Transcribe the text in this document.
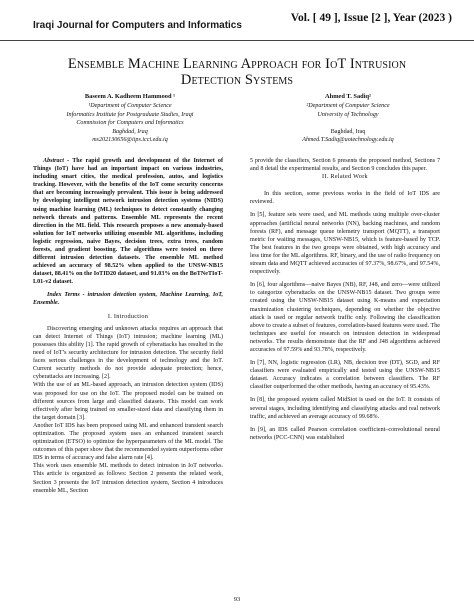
Iraqi Journal for Computers and Informatics
Vol. [ 49 ], Issue [2 ], Year (2023 )
Ensemble Machine Learning Approach for IoT Intrusion
Detection Systems
Baseem A. Kadheem Hammood ¹
¹Department of Computer Science
Informatics Institute for Postgraduate Studies, Iraqi
Commission for Computers and Informatics
Baghdad, Iraq
ms202130656@iips.icci.edu.iq
Ahmed T. Sadiq²
²Department of Computer Science
University of Technology
Baghdad, Iraq
Ahmed.T.Sadiq@uotechnology.edu.iq

Abstract - The rapid growth and development of the Internet of Things (IoT) have had an important impact on various industries, including smart cities, the medical profession, autos, and logistics tracking. However, with the benefits of the IoT come security concerns that are becoming increasingly prevalent. This issue is being addressed by developing intelligent network intrusion detection systems (NIDS) using machine learning (ML) techniques to detect constantly changing network threats and patterns. Ensemble ML represents the recent direction in the ML field. This research proposes a new anomaly-based solution for IoT networks utilizing ensemble ML algorithms, including logistic regression, naive Bayes, decision trees, extra trees, random forests, and gradient boosting. The algorithms were tested on three different intrusion detection datasets. The ensemble ML method achieved an accuracy of 98.52% when applied to the UNSW-NB15 dataset, 88.41% on the IoTID20 dataset, and 91.03% on the BoTNeTIoT-L01-v2 dataset.

Index Terms - intrusion detection system, Machine Learning, IoT, Ensemble.

I. Introduction

Discovering emerging and unknown attacks requires an approach that can detect Internet of Things (IoT) intrusion; machine learning (ML) possesses this ability [1]. The rapid growth of cyberattacks has resulted in the need of IoT’s security architecture for intrusion detection. The security field faces serious challenges in the development of technology and the IoT. Current security methods do not provide adequate protection; hence, cyberattacks are increasing. [2].

With the use of an ML-based approach, an intrusion detection system (IDS) was proposed for use on the IoT. The proposed model can be trained on different sources from large and classified datasets. This model can work effectively after being trained on smaller-sized data and classifying them in the target domain [3].

Another IoT IDS has been proposed using ML and enhanced transient search optimization. The proposed system uses an enhanced transient search optimization (ETSO) to optimize the hyperparameters of the ML model. The outcomes of this paper show that the recommended system outperforms other IDS in terms of accuracy and false alarm rate [4].

This work uses ensemble ML methods to detect intrusion in IoT networks. This article is organized as follows: Section 2 presents the related work, Section 3 presents the IoT intrusion detection system, Section 4 introduces ensemble ML, Section

5 provide the classifiers, Section 6 presents the proposed method, Sections 7 and 8 detail the experimental results, and Section 9 concludes this paper.

II. Related Work

In this section, some previous works in the field of IoT IDS are reviewed.

In [5], feature sets were used, and ML methods using multiple over-cluster approaches (artificial neural networks (NN), backing machines, and random forests (RF), and message queue telemetry transport (MQTT), a transport metric for waiting messages, UNSW-NB15, which is feature-based by TCP. The best features in the two groups were obtained, with high accuracy and less time for the ML algorithms. RF, binary, and the use of radio frequency on stream data and MQTT achieved accuracies of 97.37%, 98.67%, and 97.54%, respectively.

In [6], four algorithms—naive Bayes (NB), RF, J48, and zero—were utilized to categorize cyberattacks on the UNSW-NB15 dataset. Two groups were created using the UNSW-NB15 dataset using K-means and expectation maximization clustering techniques, depending on whether the objective attack is used or regular network traffic only. Following the classification above to create a subset of features, correlation-based features were used. The techniques are useful for research on intrusion detection in widespread networks. The results demonstrate that the RF and J48 algorithms achieved accuracies of 97.59% and 93.78%, respectively.

In [7], NN, logistic regression (LR), NB, decision tree (DT), SGD, and RF classifiers were evaluated empirically and tested using the UNSW-NB15 dataset. Accuracy indicates a correlation between classifiers. The RF classifier outperformed the other methods, having an accuracy of 95.43%.

In [8], the proposed system called MidSiot is used on the IoT. It consists of several stages, including identifying and classifying attacks and real network traffic, and achieved an average accuracy of 99.68%.

In [9], an IDS called Pearson correlation coefficient–convolutional neural networks (PCC-CNN) was established

93
